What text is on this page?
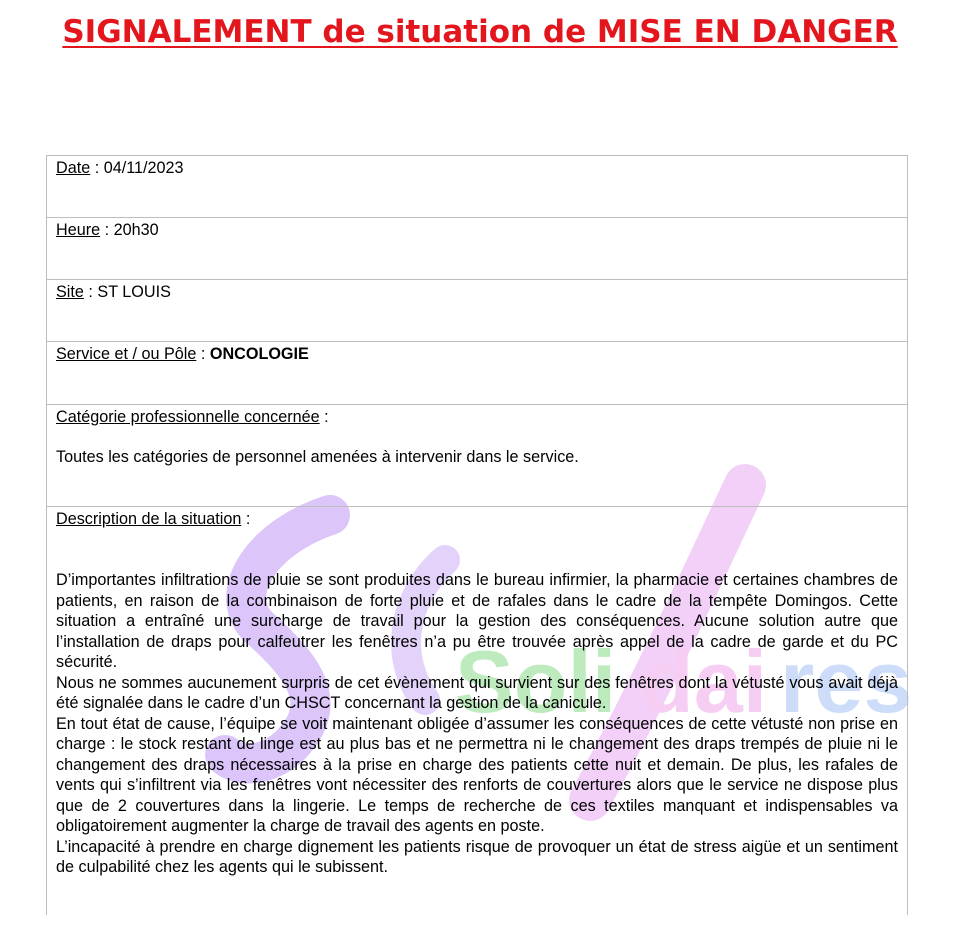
Soli dai res
SIGNALEMENT de situation de MISE EN DANGER
Date : 04/11/2023
Heure : 20h30
Site : ST LOUIS
Service et / ou Pôle : ONCOLOGIE

Catégorie professionnelle concernée :

Toutes les catégories de personnel amenées à intervenir dans le service.

Description de la situation :

D’importantes infiltrations de pluie se sont produites dans le bureau infirmier, la pharmacie et certaines chambres de patients, en raison de la combinaison de forte pluie et de rafales dans le cadre de la tempête Domingos. Cette situation a entraîné une surcharge de travail pour la gestion des conséquences. Aucune solution autre que l’installation de draps pour calfeutrer les fenêtres n’a pu être trouvée après appel de la cadre de garde et du PC sécurité.

Nous ne sommes aucunement surpris de cet évènement qui survient sur des fenêtres dont la vétusté vous avait déjà été signalée dans le cadre d’un CHSCT concernant la gestion de la canicule.

En tout état de cause, l’équipe se voit maintenant obligée d’assumer les conséquences de cette vétusté non prise en charge : le stock restant de linge est au plus bas et ne permettra ni le changement des draps trempés de pluie ni le changement des draps nécessaires à la prise en charge des patients cette nuit et demain. De plus, les rafales de vents qui s’infiltrent via les fenêtres vont nécessiter des renforts de couvertures alors que le service ne dispose plus que de 2 couvertures dans la lingerie. Le temps de recherche de ces textiles manquant et indispensables va obligatoirement augmenter la charge de travail des agents en poste.

L’incapacité à prendre en charge dignement les patients risque de provoquer un état de stress aigüe et un sentiment de culpabilité chez les agents qui le subissent.
